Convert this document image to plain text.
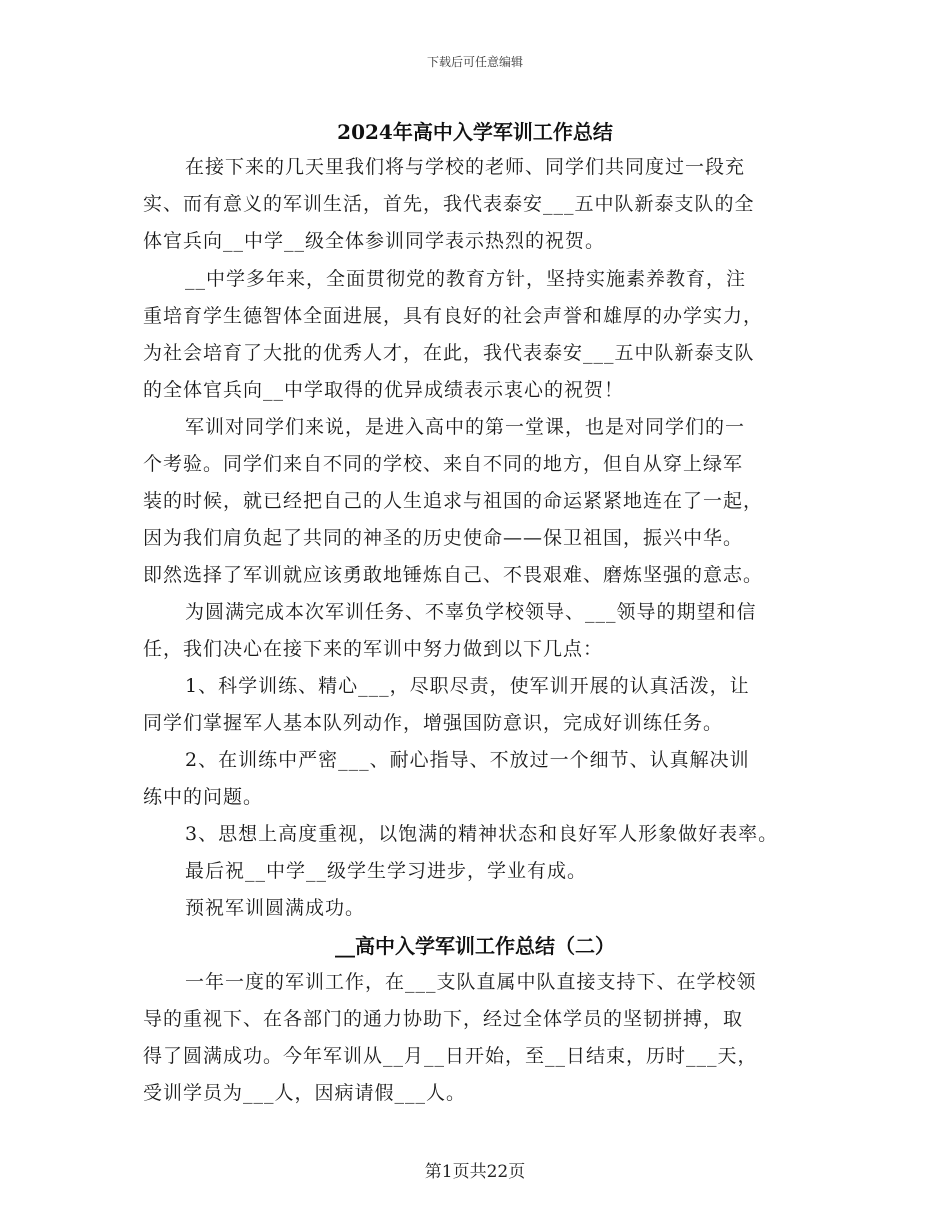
下载后可任意编辑
2024年高中入学军训工作总结
在接下来的几天里我们将与学校的老师、同学们共同度过一段充
实、而有意义的军训生活，首先，我代表泰安___五中队新泰支队的全
体官兵向__中学__级全体参训同学表示热烈的祝贺。
__中学多年来，全面贯彻党的教育方针，坚持实施素养教育，注
重培育学生德智体全面进展，具有良好的社会声誉和雄厚的办学实力，
为社会培育了大批的优秀人才，在此，我代表泰安___五中队新泰支队
的全体官兵向__中学取得的优异成绩表示衷心的祝贺！
军训对同学们来说，是进入高中的第一堂课，也是对同学们的一
个考验。同学们来自不同的学校、来自不同的地方，但自从穿上绿军
装的时候，就已经把自己的人生追求与祖国的命运紧紧地连在了一起，
因为我们肩负起了共同的神圣的历史使命——保卫祖国，振兴中华。
即然选择了军训就应该勇敢地锤炼自己、不畏艰难、磨炼坚强的意志。
为圆满完成本次军训任务、不辜负学校领导、___领导的期望和信
任，我们决心在接下来的军训中努力做到以下几点：
1、科学训练、精心___，尽职尽责，使军训开展的认真活泼，让
同学们掌握军人基本队列动作，增强国防意识，完成好训练任务。
2、在训练中严密___、耐心指导、不放过一个细节、认真解决训
练中的问题。
3、思想上高度重视，以饱满的精神状态和良好军人形象做好表率。
最后祝__中学__级学生学习进步，学业有成。
预祝军训圆满成功。
__高中入学军训工作总结（二）
一年一度的军训工作，在___支队直属中队直接支持下、在学校领
导的重视下、在各部门的通力协助下，经过全体学员的坚韧拼搏，取
得了圆满成功。今年军训从__月__日开始，至__日结束，历时___天，
受训学员为___人，因病请假___人。
第1页共22页
